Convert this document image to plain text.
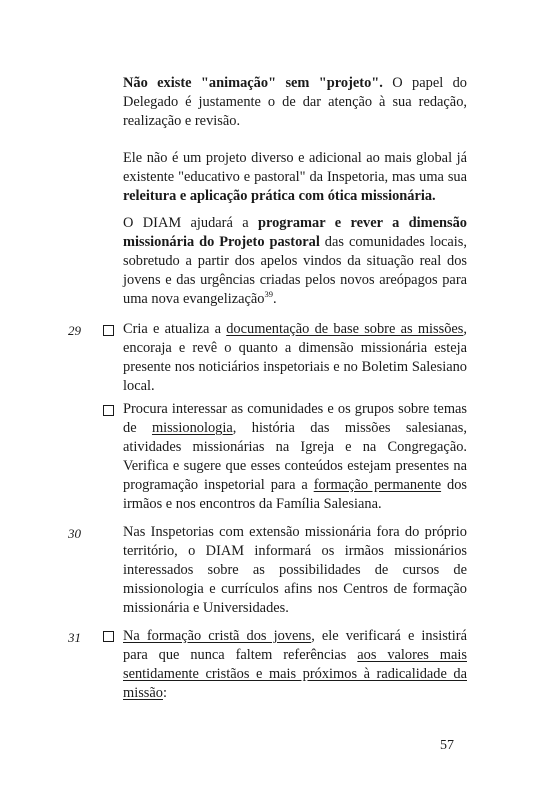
Não existe "animação" sem "projeto". O papel do Delegado é justamente o de dar atenção à sua redação, realização e revisão.

Ele não é um projeto diverso e adicional ao mais global já existente "educativo e pastoral" da Inspetoria, mas uma sua releitura e aplicação prática com ótica missionária.

O DIAM ajudará a programar e rever a dimensão missionária do Projeto pastoral das comunidades locais, sobretudo a partir dos apelos vindos da situação real dos jovens e das urgências criadas pelos novos areópagos para uma nova evangelização$^{39}$.

29	Cria e atualiza a documentação de base sobre as missões, encoraja e revê o quanto a dimensão missionária esteja presente nos noticiários inspetoriais e no Boletim Salesiano local.

Procura interessar as comunidades e os grupos sobre temas de missionologia, história das missões salesianas, atividades missionárias na Igreja e na Congregação. Verifica e sugere que esses conteúdos estejam presentes na programação inspetorial para a formação permanente dos irmãos e nos encontros da Família Salesiana.

30	Nas Inspetorias com extensão missionária fora do próprio território, o DIAM informará os irmãos missionários interessados sobre as possibilidades de cursos de missionologia e currículos afins nos Centros de formação missionária e Universidades.

31	Na formação cristã dos jovens, ele verificará e insistirá para que nunca faltem referências aos valores mais sentidamente cristãos e mais próximos à radicalidade da missão:

57
